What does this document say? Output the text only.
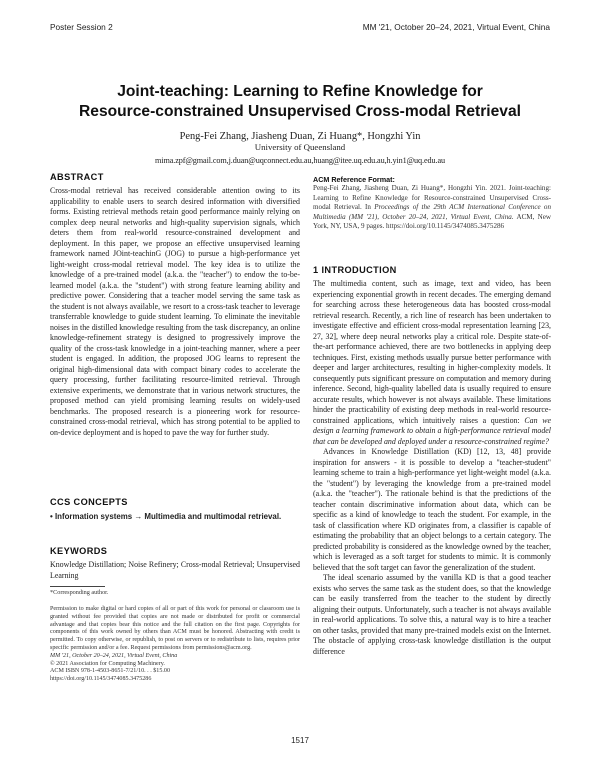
Poster Session 2	MM '21, October 20–24, 2021, Virtual Event, China
Joint-teaching: Learning to Refine Knowledge for
Resource-constrained Unsupervised Cross-modal Retrieval
Peng-Fei Zhang, Jiasheng Duan, Zi Huang*, Hongzhi Yin
University of Queensland
mima.zpf@gmail.com,j.duan@uqconnect.edu.au,huang@itee.uq.edu.au,h.yin1@uq.edu.au
ABSTRACT

Cross-modal retrieval has received considerable attention owing to its applicability to enable users to search desired information with diversified forms. Existing retrieval methods retain good performance mainly relying on complex deep neural networks and high-quality supervision signals, which deters them from real-world resource-constrained development and deployment. In this paper, we propose an effective unsupervised learning framework named JOint-teachinG (JOG) to pursue a high-performance yet light-weight cross-modal retrieval model. The key idea is to utilize the knowledge of a pre-trained model (a.k.a. the "teacher") to endow the to-be-learned model (a.k.a. the "student") with strong feature learning ability and predictive power. Considering that a teacher model serving the same task as the student is not always available, we resort to a cross-task teacher to leverage transferrable knowledge to guide student learning. To eliminate the inevitable noises in the distilled knowledge resulting from the task discrepancy, an online knowledge-refinement strategy is designed to progressively improve the quality of the cross-task knowledge in a joint-teaching manner, where a peer student is engaged. In addition, the proposed JOG learns to represent the original high-dimensional data with compact binary codes to accelerate the query processing, further facilitating resource-limited retrieval. Through extensive experiments, we demonstrate that in various network structures, the proposed method can yield promising learning results on widely-used benchmarks. The proposed research is a pioneering work for resource-constrained cross-modal retrieval, which has strong potential to be applied to on-device deployment and is hoped to pave the way for further study.

CCS CONCEPTS
• Information systems → Multimedia and multimodal retrieval.
KEYWORDS

Knowledge Distillation; Noise Refinery; Cross-modal Retrieval; Unsupervised Learning

*Corresponding author.
Permission to make digital or hard copies of all or part of this work for personal or classroom use is granted without fee provided that copies are not made or distributed for profit or commercial advantage and that copies bear this notice and the full citation on the first page. Copyrights for components of this work owned by others than ACM must be honored. Abstracting with credit is permitted. To copy otherwise, or republish, to post on servers or to redistribute to lists, requires prior specific permission and/or a fee. Request permissions from permissions@acm.org.
MM '21, October 20–24, 2021, Virtual Event, China
© 2021 Association for Computing Machinery.
ACM ISBN 978-1-4503-8651-7/21/10. . . $15.00
https://doi.org/10.1145/3474085.3475286
ACM Reference Format:
Peng-Fei Zhang, Jiasheng Duan, Zi Huang*, Hongzhi Yin. 2021. Joint-teaching: Learning to Refine Knowledge for Resource-constrained Unsupervised Cross-modal Retrieval. In Proceedings of the 29th ACM International Conference on Multimedia (MM '21), October 20–24, 2021, Virtual Event, China. ACM, New York, NY, USA, 9 pages. https://doi.org/10.1145/3474085.3475286
1 INTRODUCTION

The multimedia content, such as image, text and video, has been experiencing exponential growth in recent decades. The emerging demand for searching across these heterogeneous data has boosted cross-modal retrieval research. Recently, a rich line of research has been undertaken to investigate effective and efficient cross-modal representation learning [23, 27, 32], where deep neural networks play a critical role. Despite state-of-the-art performance achieved, there are two bottlenecks in applying deep techniques. First, existing methods usually pursue better performance with deeper and larger architectures, resulting in higher-complexity models. It consequently puts significant pressure on computation and memory during inference. Second, high-quality labelled data is usually required to ensure accurate results, which however is not always available. These limitations hinder the practicability of existing deep methods in real-world resource-constrained applications, which intuitively raises a question: Can we design a learning framework to obtain a high-performance retrieval model that can be developed and deployed under a resource-constrained regime?

Advances in Knowledge Distillation (KD) [12, 13, 48] provide inspiration for answers - it is possible to develop a "teacher-student" learning scheme to train a high-performance yet light-weight model (a.k.a. the "student") by leveraging the knowledge from a pre-trained model (a.k.a. the "teacher"). The rationale behind is that the predictions of the teacher contain discriminative information about data, which can be specific as a kind of knowledge to teach the student. For example, in the task of classification where KD originates from, a classifier is capable of estimating the probability that an object belongs to a certain category. The predicted probability is considered as the knowledge owned by the teacher, which is leveraged as a soft target for students to mimic. It is commonly believed that the soft target can favor the generalization of the student.

The ideal scenario assumed by the vanilla KD is that a good teacher exists who serves the same task as the student does, so that the knowledge can be easily transferred from the teacher to the student by directly aligning their outputs. Unfortunately, such a teacher is not always available in real-world applications. To solve this, a natural way is to hire a teacher on other tasks, provided that many pre-trained models exist on the Internet. The obstacle of applying cross-task knowledge distillation is the output difference

1517
